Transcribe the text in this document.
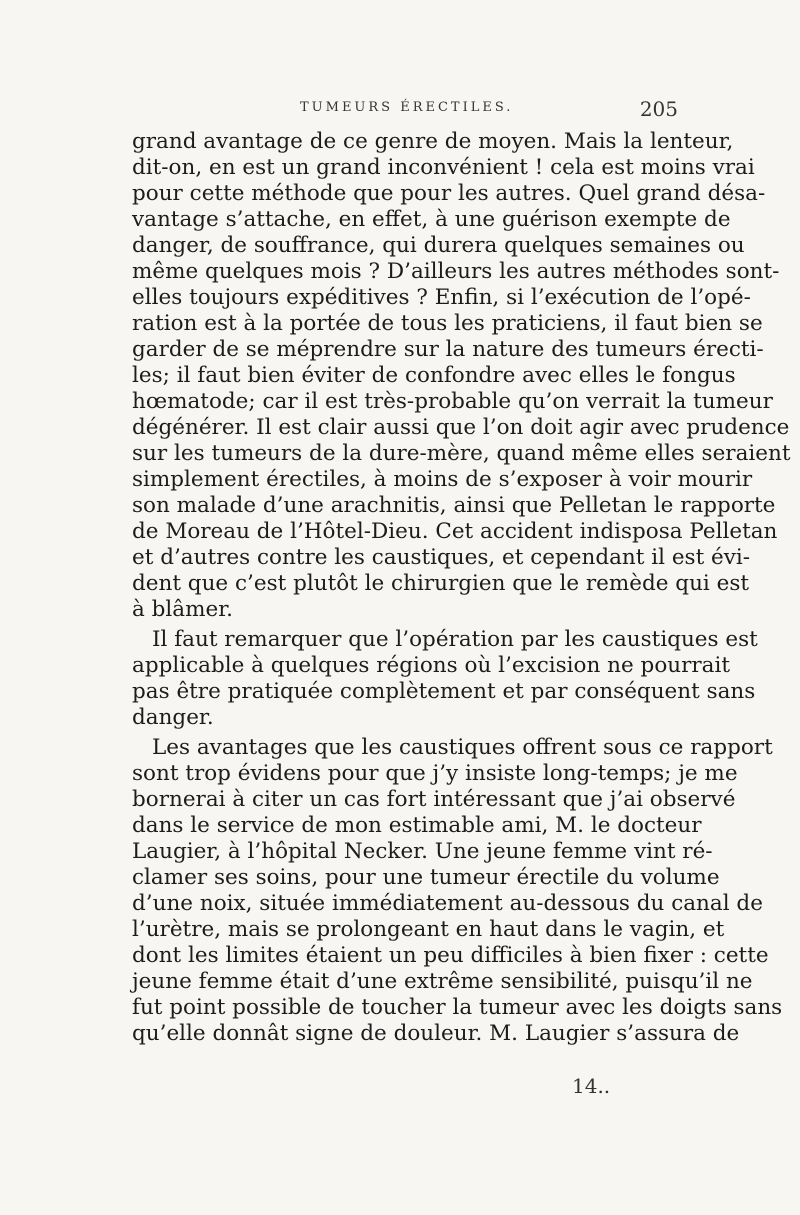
TUMEURS ÉRECTILES.	205
grand avantage de ce genre de moyen. Mais la lenteur,
dit-on, en est un grand inconvénient ! cela est moins vrai
pour cette méthode que pour les autres. Quel grand désa-
vantage s’attache, en effet, à une guérison exempte de
danger, de souffrance, qui durera quelques semaines ou
même quelques mois ? D’ailleurs les autres méthodes sont-
elles toujours expéditives ? Enfin, si l’exécution de l’opé-
ration est à la portée de tous les praticiens, il faut bien se
garder de se méprendre sur la nature des tumeurs érecti-
les; il faut bien éviter de confondre avec elles le fongus
hœmatode; car il est très-probable qu’on verrait la tumeur
dégénérer. Il est clair aussi que l’on doit agir avec prudence
sur les tumeurs de la dure-mère, quand même elles seraient
simplement érectiles, à moins de s’exposer à voir mourir
son malade d’une arachnitis, ainsi que Pelletan le rapporte
de Moreau de l’Hôtel-Dieu. Cet accident indisposa Pelletan
et d’autres contre les caustiques, et cependant il est évi-
dent que c’est plutôt le chirurgien que le remède qui est
à blâmer.
Il faut remarquer que l’opération par les caustiques est
applicable à quelques régions où l’excision ne pourrait
pas être pratiquée complètement et par conséquent sans
danger.
Les avantages que les caustiques offrent sous ce rapport
sont trop évidens pour que j’y insiste long-temps; je me
bornerai à citer un cas fort intéressant que j’ai observé
dans le service de mon estimable ami, M. le docteur
Laugier, à l’hôpital Necker. Une jeune femme vint ré-
clamer ses soins, pour une tumeur érectile du volume
d’une noix, située immédiatement au-dessous du canal de
l’urètre, mais se prolongeant en haut dans le vagin, et
dont les limites étaient un peu difficiles à bien fixer : cette
jeune femme était d’une extrême sensibilité, puisqu’il ne
fut point possible de toucher la tumeur avec les doigts sans
qu’elle donnât signe de douleur. M. Laugier s’assura de
14..
